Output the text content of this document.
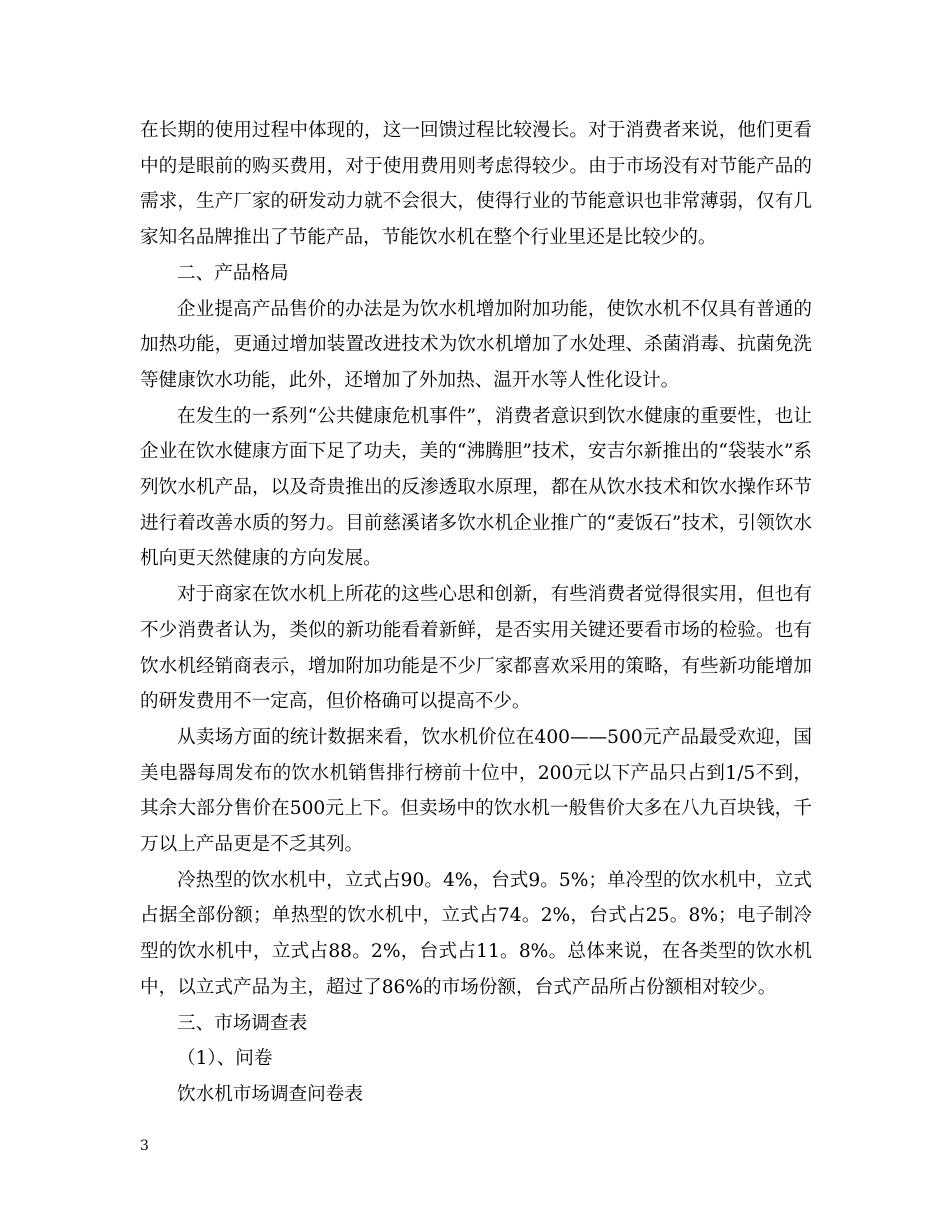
在长期的使用过程中体现的，这一回馈过程比较漫长。对于消费者来说，他们更看中的是眼前的购买费用，对于使用费用则考虑得较少。由于市场没有对节能产品的需求，生产厂家的研发动力就不会很大，使得行业的节能意识也非常薄弱，仅有几家知名品牌推出了节能产品，节能饮水机在整个行业里还是比较少的。

二、产品格局

企业提高产品售价的办法是为饮水机增加附加功能，使饮水机不仅具有普通的加热功能，更通过增加装置改进技术为饮水机增加了水处理、杀菌消毒、抗菌免洗等健康饮水功能，此外，还增加了外加热、温开水等人性化设计。

在发生的一系列“公共健康危机事件”，消费者意识到饮水健康的重要性，也让企业在饮水健康方面下足了功夫，美的“沸腾胆”技术，安吉尔新推出的“袋装水”系列饮水机产品，以及奇贵推出的反渗透取水原理，都在从饮水技术和饮水操作环节进行着改善水质的努力。目前慈溪诸多饮水机企业推广的“麦饭石”技术，引领饮水机向更天然健康的方向发展。

对于商家在饮水机上所花的这些心思和创新，有些消费者觉得很实用，但也有不少消费者认为，类似的新功能看着新鲜，是否实用关键还要看市场的检验。也有饮水机经销商表示，增加附加功能是不少厂家都喜欢采用的策略，有些新功能增加的研发费用不一定高，但价格确可以提高不少。

从卖场方面的统计数据来看，饮水机价位在400——500元产品最受欢迎，国美电器每周发布的饮水机销售排行榜前十位中，200元以下产品只占到1/5不到，其余大部分售价在500元上下。但卖场中的饮水机一般售价大多在八九百块钱，千万以上产品更是不乏其列。

冷热型的饮水机中，立式占90。4%，台式9。5%；单冷型的饮水机中，立式占据全部份额；单热型的饮水机中，立式占74。2%，台式占25。8%；电子制冷型的饮水机中，立式占88。2%，台式占11。8%。总体来说，在各类型的饮水机中，以立式产品为主，超过了86%的市场份额，台式产品所占份额相对较少。

三、市场调查表

（1）、问卷

饮水机市场调查问卷表

3
